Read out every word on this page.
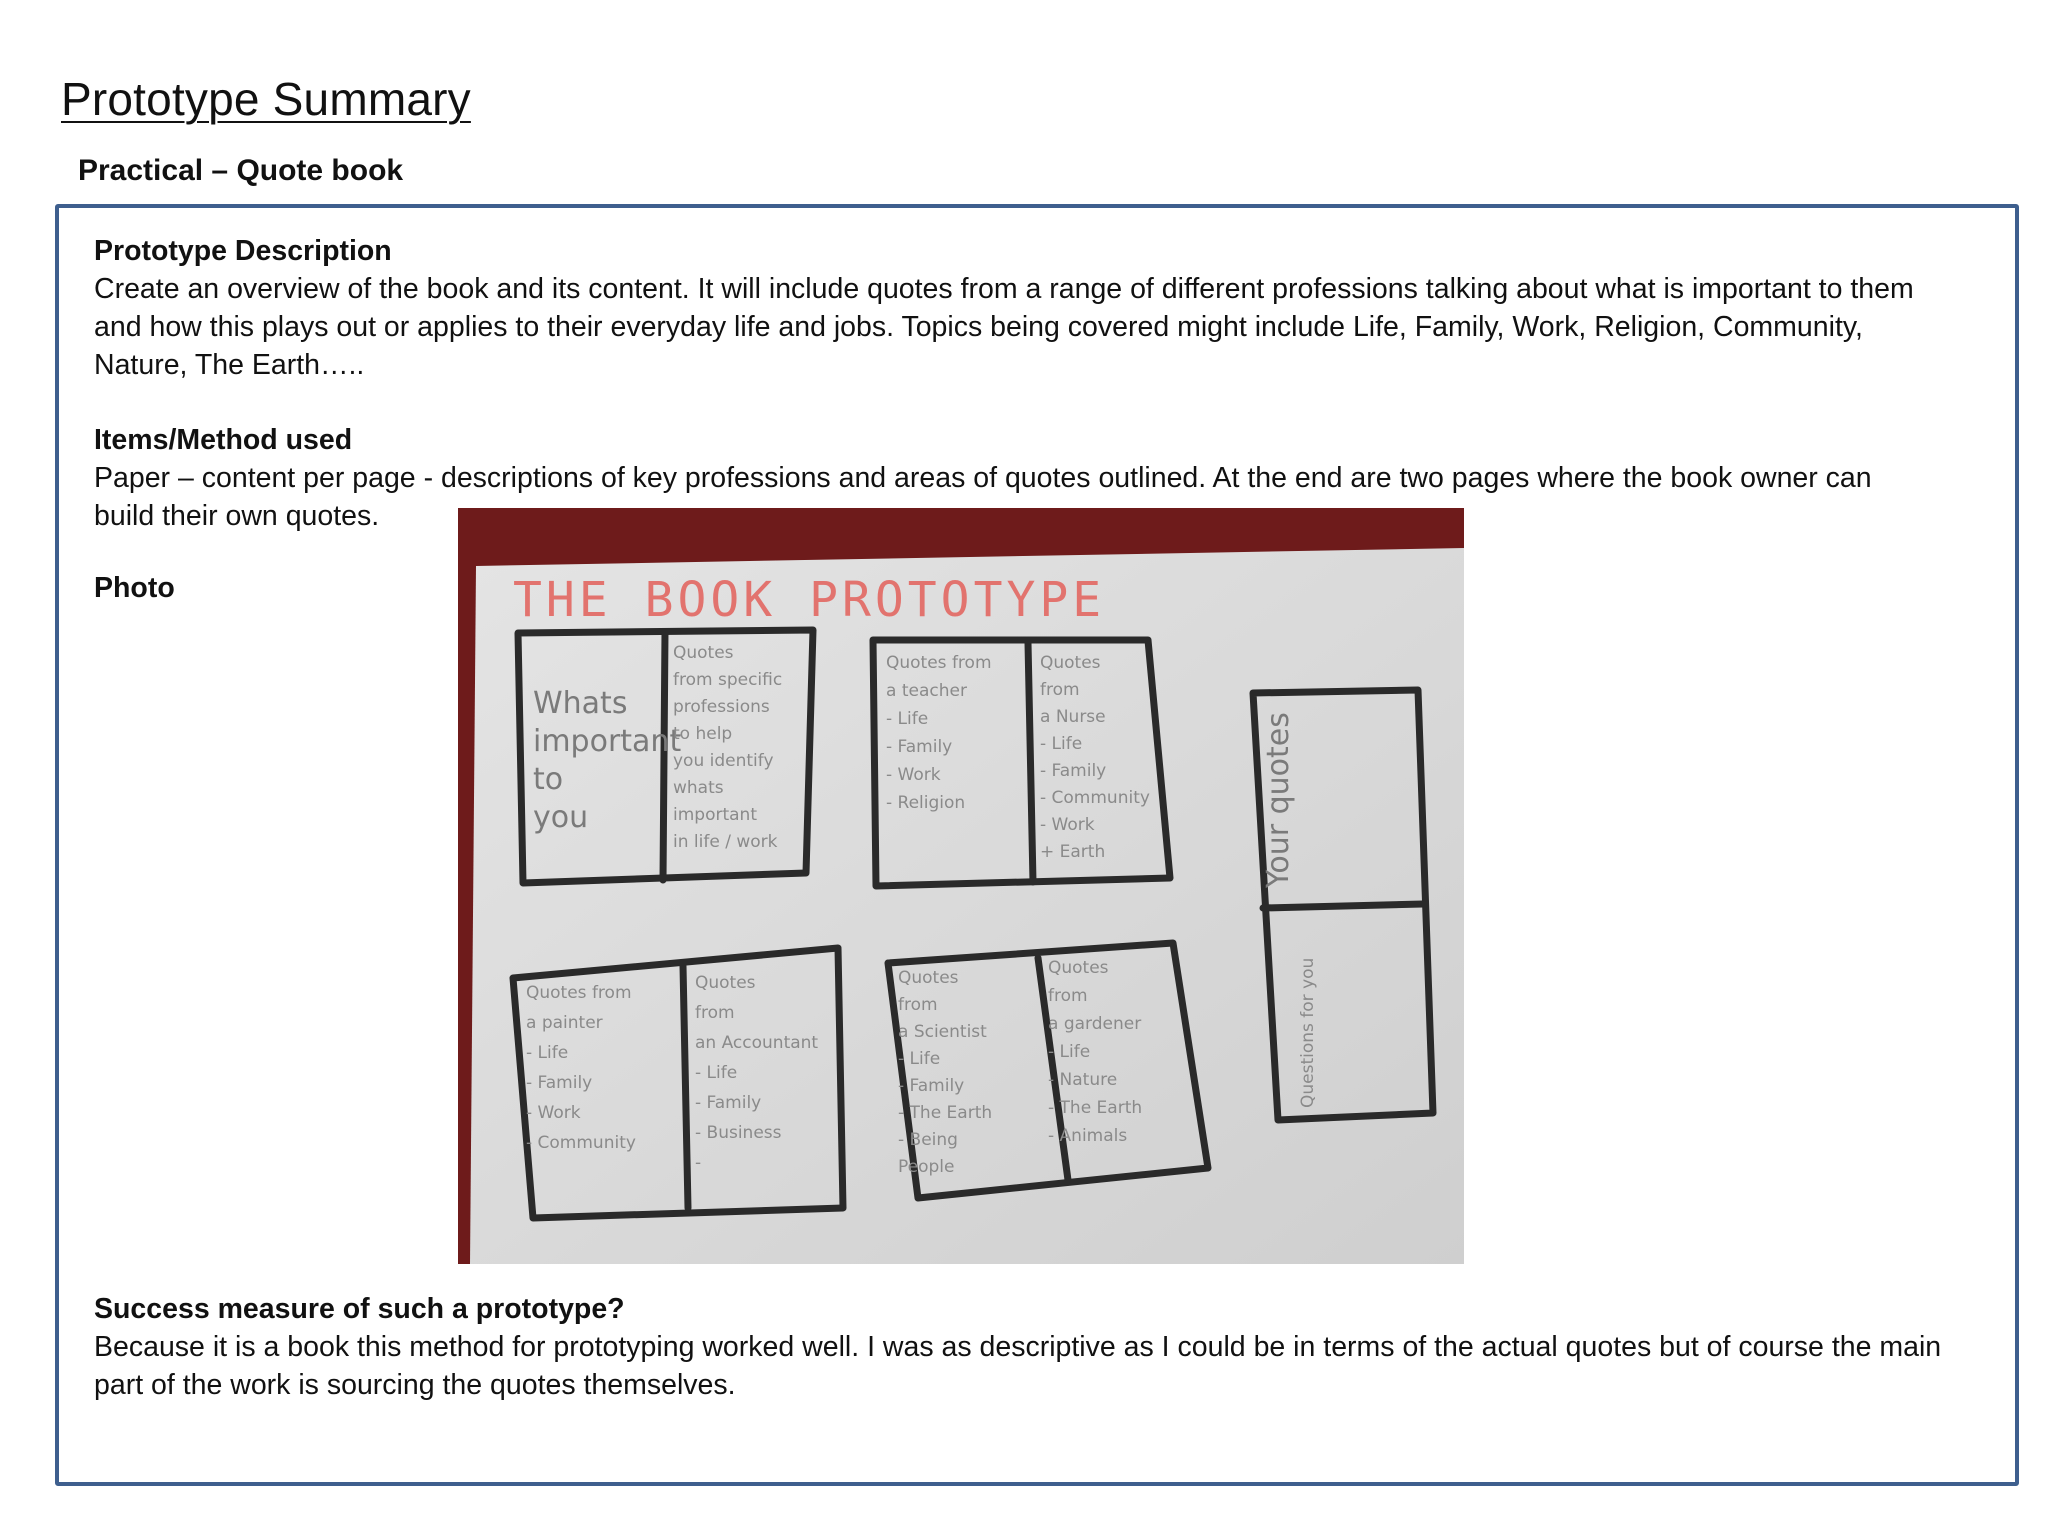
Prototype Summary
Practical – Quote book
Prototype Description
Create an overview of the book and its content. It will include quotes from a range of different professions talking about what is important to them
and how this plays out or applies to their everyday life and jobs. Topics being covered might include Life, Family, Work, Religion, Community,
Nature, The Earth…..
Items/Method used
Paper – content per page - descriptions of key professions and areas of quotes outlined. At the end are two pages where the book owner can
build their own quotes.
Photo	THE BOOK PROTOTYPE
Whats
important
to
you
Quotes
from specific
professions
to help
you identify
whats
important
in life / work
Quotes from
a teacher
- Life
- Family
- Work
- Religion
Quotes
from
a Nurse
- Life
- Family
- Community
- Work
+ Earth	Your quotes
Questions for you
Quotes from
a painter
- Life
- Family
- Work
- Community
Quotes
from
an Accountant
- Life
- Family
- Business
-
Quotes
from
a Scientist
- Life
- Family
- The Earth
- Being
People
Quotes
from
a gardener
- Life
- Nature
- The Earth
- Animals
Success measure of such a prototype?
Because it is a book this method for prototyping worked well. I was as descriptive as I could be in terms of the actual quotes but of course the main
part of the work is sourcing the quotes themselves.
